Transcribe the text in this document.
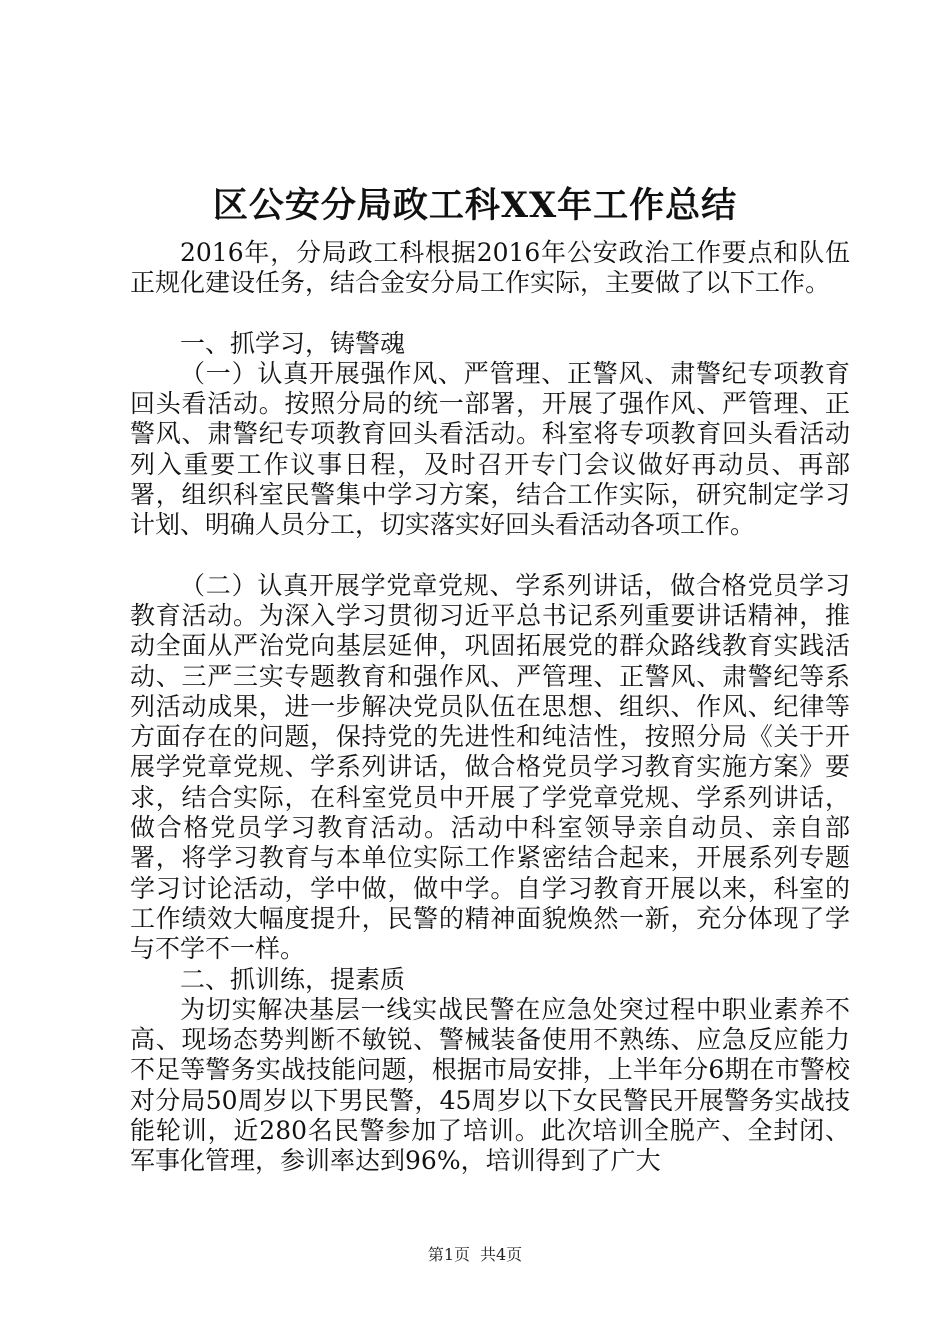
区公安分局政工科XX年工作总结

2016年，分局政工科根据2016年公安政治工作要点和队伍正规化建设任务，结合金安分局工作实际，主要做了以下工作。

一、抓学习，铸警魂

（一）认真开展强作风、严管理、正警风、肃警纪专项教育回头看活动。按照分局的统一部署，开展了强作风、严管理、正警风、肃警纪专项教育回头看活动。科室将专项教育回头看活动列入重要工作议事日程，及时召开专门会议做好再动员、再部署，组织科室民警集中学习方案，结合工作实际，研究制定学习计划、明确人员分工，切实落实好回头看活动各项工作。

（二）认真开展学党章党规、学系列讲话，做合格党员学习教育活动。为深入学习贯彻习近平总书记系列重要讲话精神，推动全面从严治党向基层延伸，巩固拓展党的群众路线教育实践活动、三严三实专题教育和强作风、严管理、正警风、肃警纪等系列活动成果，进一步解决党员队伍在思想、组织、作风、纪律等方面存在的问题，保持党的先进性和纯洁性，按照分局《关于开展学党章党规、学系列讲话，做合格党员学习教育实施方案》要求，结合实际，在科室党员中开展了学党章党规、学系列讲话，做合格党员学习教育活动。活动中科室领导亲自动员、亲自部署，将学习教育与本单位实际工作紧密结合起来，开展系列专题学习讨论活动，学中做，做中学。自学习教育开展以来，科室的工作绩效大幅度提升，民警的精神面貌焕然一新，充分体现了学与不学不一样。

二、抓训练，提素质

为切实解决基层一线实战民警在应急处突过程中职业素养不高、现场态势判断不敏锐、警械装备使用不熟练、应急反应能力不足等警务实战技能问题，根据市局安排，上半年分6期在市警校对分局50周岁以下男民警，45周岁以下女民警民开展警务实战技能轮训，近280名民警参加了培训。此次培训全脱产、全封闭、军事化管理，参训率达到96%，培训得到了广大

第1页 共4页
